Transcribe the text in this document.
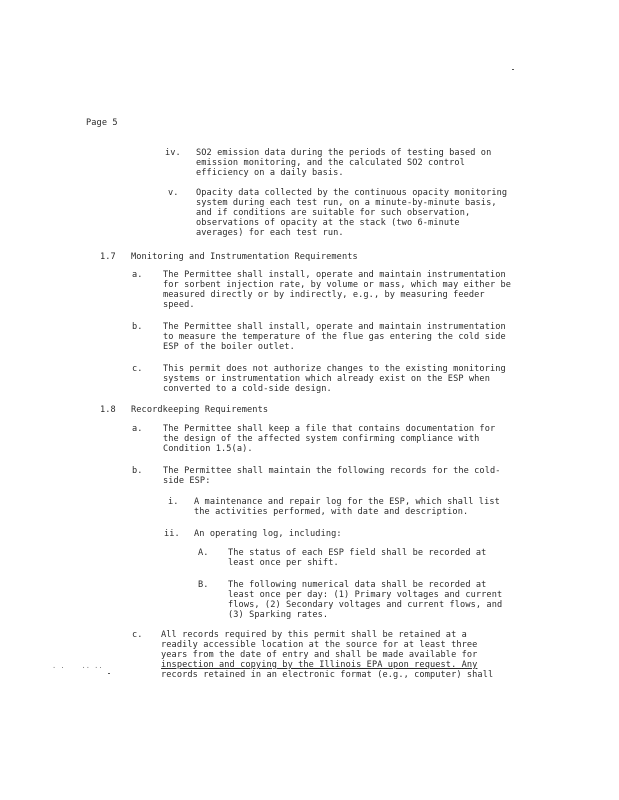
Page 5
iv. SO2 emission data during the periods of testing based on
emission monitoring, and the calculated SO2 control
efficiency on a daily basis.
v. Opacity data collected by the continuous opacity monitoring
system during each test run, on a minute-by-minute basis,
and if conditions are suitable for such observation,
observations of opacity at the stack (two 6-minute
averages) for each test run.
1.7 Monitoring and Instrumentation Requirements
a. The Permittee shall install, operate and maintain instrumentation
for sorbent injection rate, by volume or mass, which may either be
measured directly or by indirectly, e.g., by measuring feeder
speed.
b. The Permittee shall install, operate and maintain instrumentation
to measure the temperature of the flue gas entering the cold side
ESP of the boiler outlet.
c. This permit does not authorize changes to the existing monitoring
systems or instrumentation which already exist on the ESP when
converted to a cold-side design.
1.8 Recordkeeping Requirements
a. The Permittee shall keep a file that contains documentation for
the design of the affected system confirming compliance with
Condition 1.5(a).
b. The Permittee shall maintain the following records for the cold-
side ESP:
i. A maintenance and repair log for the ESP, which shall list
the activities performed, with date and description.
ii. An operating log, including:
A. The status of each ESP field shall be recorded at
least once per shift.
B. The following numerical data shall be recorded at
least once per day: (1) Primary voltages and current
flows, (2) Secondary voltages and current flows, and
(3) Sparking rates.
c. All records required by this permit shall be retained at a
readily accessible location at the source for at least three
years from the date of entry and shall be made available for
inspection and copying by the Illinois EPA upon request. Any
records retained in an electronic format (e.g., computer) shall
. .    .. ..
